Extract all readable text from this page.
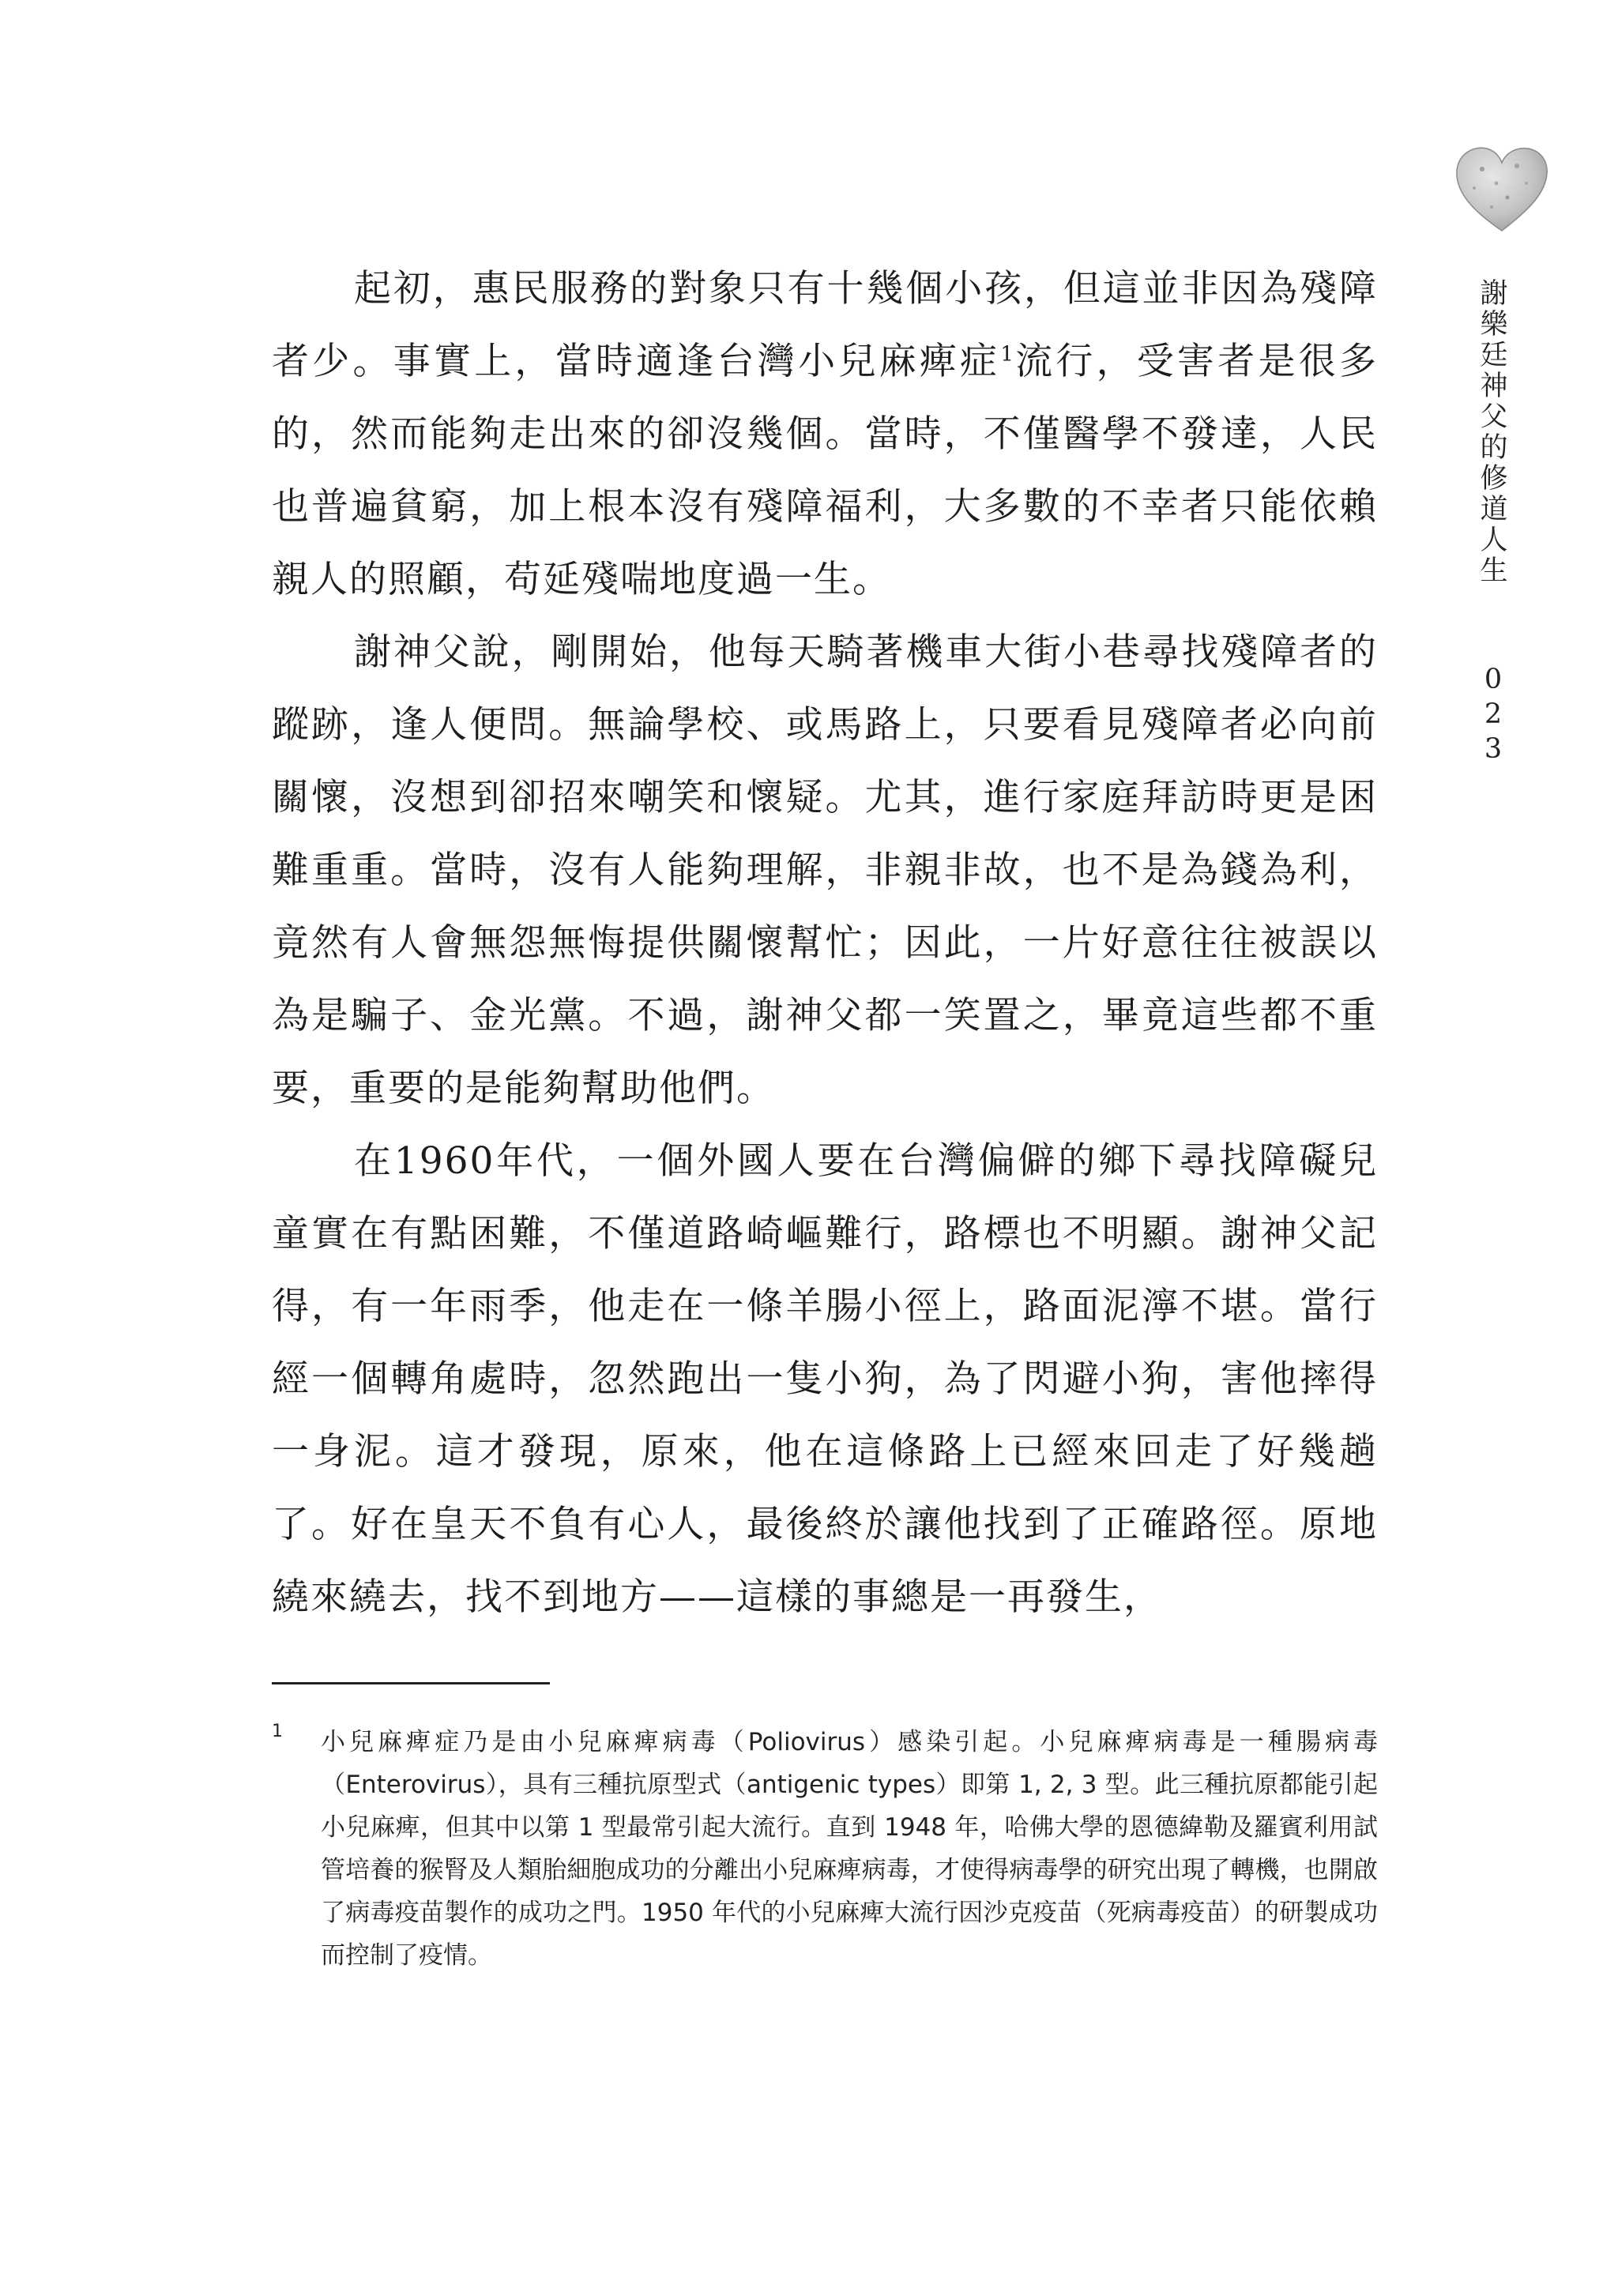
謝樂廷神父的修道人生
023

起初，惠民服務的對象只有十幾個小孩，但這並非因為殘障者少。事實上，當時適逢台灣小兒麻痺症$^1$流行，受害者是很多的，然而能夠走出來的卻沒幾個。當時，不僅醫學不發達，人民也普遍貧窮，加上根本沒有殘障福利，大多數的不幸者只能依賴親人的照顧，苟延殘喘地度過一生。

謝神父說，剛開始，他每天騎著機車大街小巷尋找殘障者的蹤跡，逢人便問。無論學校、或馬路上，只要看見殘障者必向前關懷，沒想到卻招來嘲笑和懷疑。尤其，進行家庭拜訪時更是困難重重。當時，沒有人能夠理解，非親非故，也不是為錢為利，竟然有人會無怨無悔提供關懷幫忙；因此，一片好意往往被誤以為是騙子、金光黨。不過，謝神父都一笑置之，畢竟這些都不重要，重要的是能夠幫助他們。

在1960年代，一個外國人要在台灣偏僻的鄉下尋找障礙兒童實在有點困難，不僅道路崎嶇難行，路標也不明顯。謝神父記得，有一年雨季，他走在一條羊腸小徑上，路面泥濘不堪。當行經一個轉角處時，忽然跑出一隻小狗，為了閃避小狗，害他摔得一身泥。這才發現，原來，他在這條路上已經來回走了好幾趟了。好在皇天不負有心人，最後終於讓他找到了正確路徑。原地繞來繞去，找不到地方——這樣的事總是一再發生，

1 小兒麻痺症乃是由小兒麻痺病毒（Poliovirus）感染引起。小兒麻痺病毒是一種腸病毒（Enterovirus），具有三種抗原型式（antigenic types）即第 1, 2, 3 型。此三種抗原都能引起小兒麻痺，但其中以第 1 型最常引起大流行。直到 1948 年，哈佛大學的恩德緯勒及羅賓利用試管培養的猴腎及人類胎細胞成功的分離出小兒麻痺病毒，才使得病毒學的研究出現了轉機，也開啟了病毒疫苗製作的成功之門。1950 年代的小兒麻痺大流行因沙克疫苗（死病毒疫苗）的研製成功而控制了疫情。
